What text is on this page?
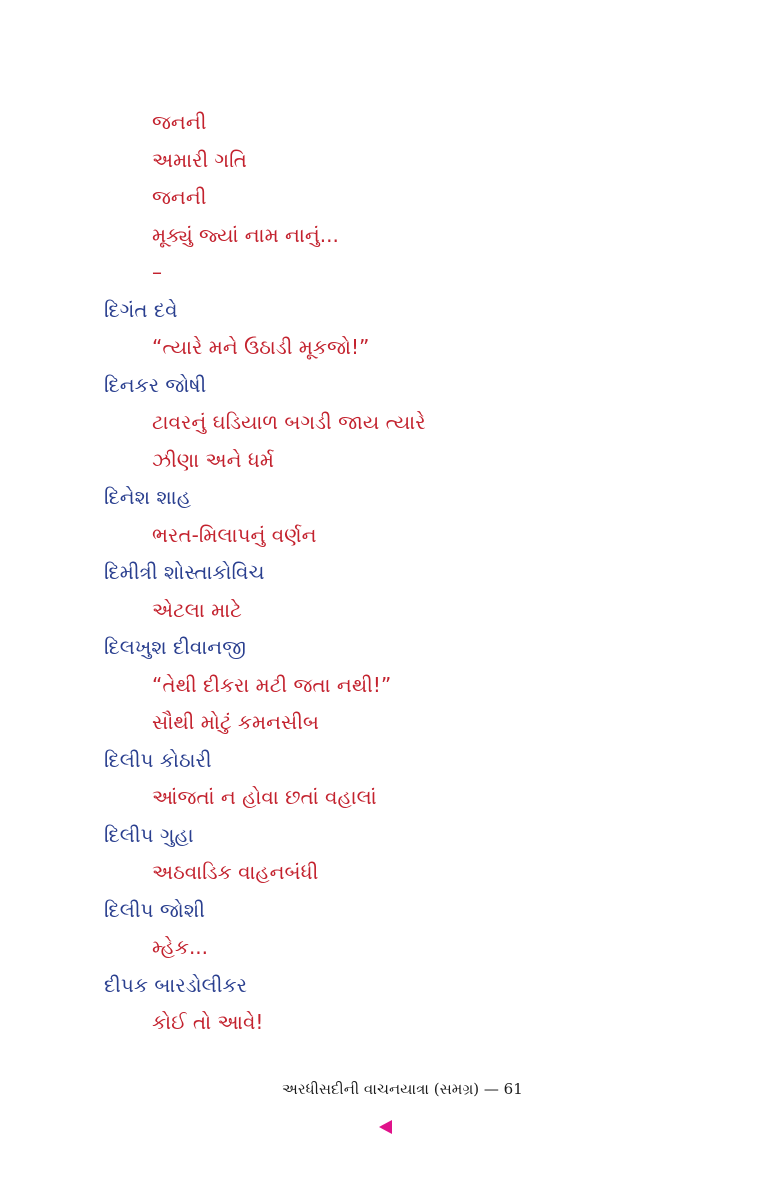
જનની
અમારી ગતિ
જનની
મૂક્યું જ્યાં નામ નાનું...
–
દિગંત દવે
“ત્યારે મને ઉઠાડી મૂકજો!”
દિનકર જોષી
ટાવરનું ઘડિયાળ બગડી જાય ત્યારે
ઝીણા અને ધર્મ
દિનેશ શાહ
ભરત-મિલાપનું વર્ણન
દિમીત્રી શોસ્તાકોવિચ
એટલા માટે
દિલખુશ દીવાનજી
“તેથી દીકરા મટી જતા નથી!”
સૌથી મોટું કમનસીબ
દિલીપ કોઠારી
આંજતાં ન હોવા છતાં વહાલાં
દિલીપ ગુહા
અઠવાડિક વાહનબંધી
દિલીપ જોશી
મ્હેક...
દીપક બારડોલીકર
કોઈ તો આવે!
અરધીસદીની વાચનયાત્રા (સમગ્ર) — 61
